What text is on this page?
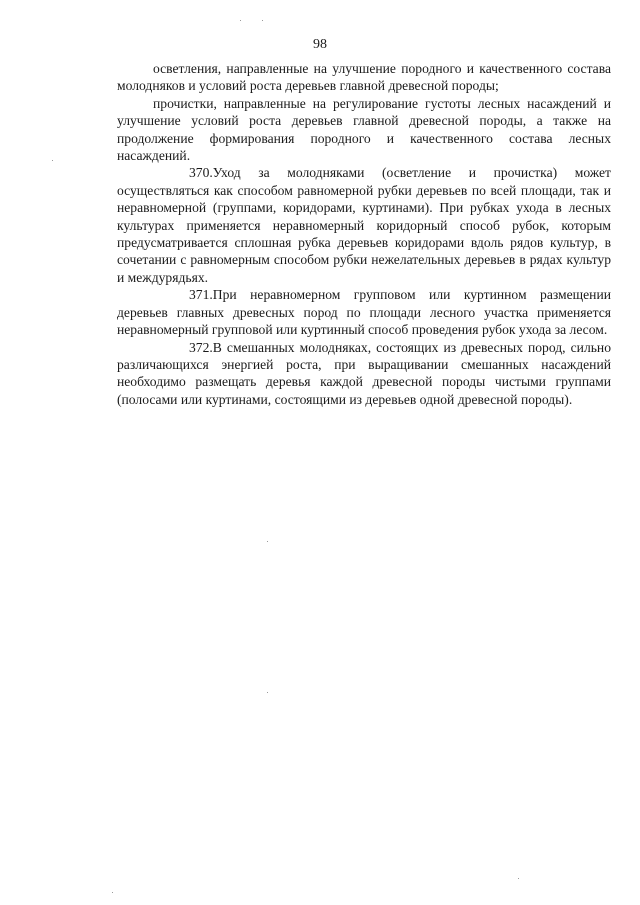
98

осветления, направленные на улучшение породного и качественного состава молодняков и условий роста деревьев главной древесной породы;

прочистки, направленные на регулирование густоты лесных насаждений и улучшение условий роста деревьев главной древесной породы, а также на продолжение формирования породного и качественного состава лесных насаждений.

370.Уход за молодняками (осветление и прочистка) может осуществляться как способом равномерной рубки деревьев по всей площади, так и неравномерной (группами, коридорами, куртинами). При рубках ухода в лесных культурах применяется неравномерный коридорный способ рубок, которым предусматривается сплошная рубка деревьев коридорами вдоль рядов культур, в сочетании с равномерным способом рубки нежелательных деревьев в рядах культур и междурядьях.

371.При неравномерном групповом или куртинном размещении деревьев главных древесных пород по площади лесного участка применяется неравномерный групповой или куртинный способ проведения рубок ухода за лесом.

372.В смешанных молодняках, состоящих из древесных пород, сильно различающихся энергией роста, при выращивании смешанных насаждений необходимо размещать деревья каждой древесной породы чистыми группами (полосами или куртинами, состоящими из деревьев одной древесной породы).
